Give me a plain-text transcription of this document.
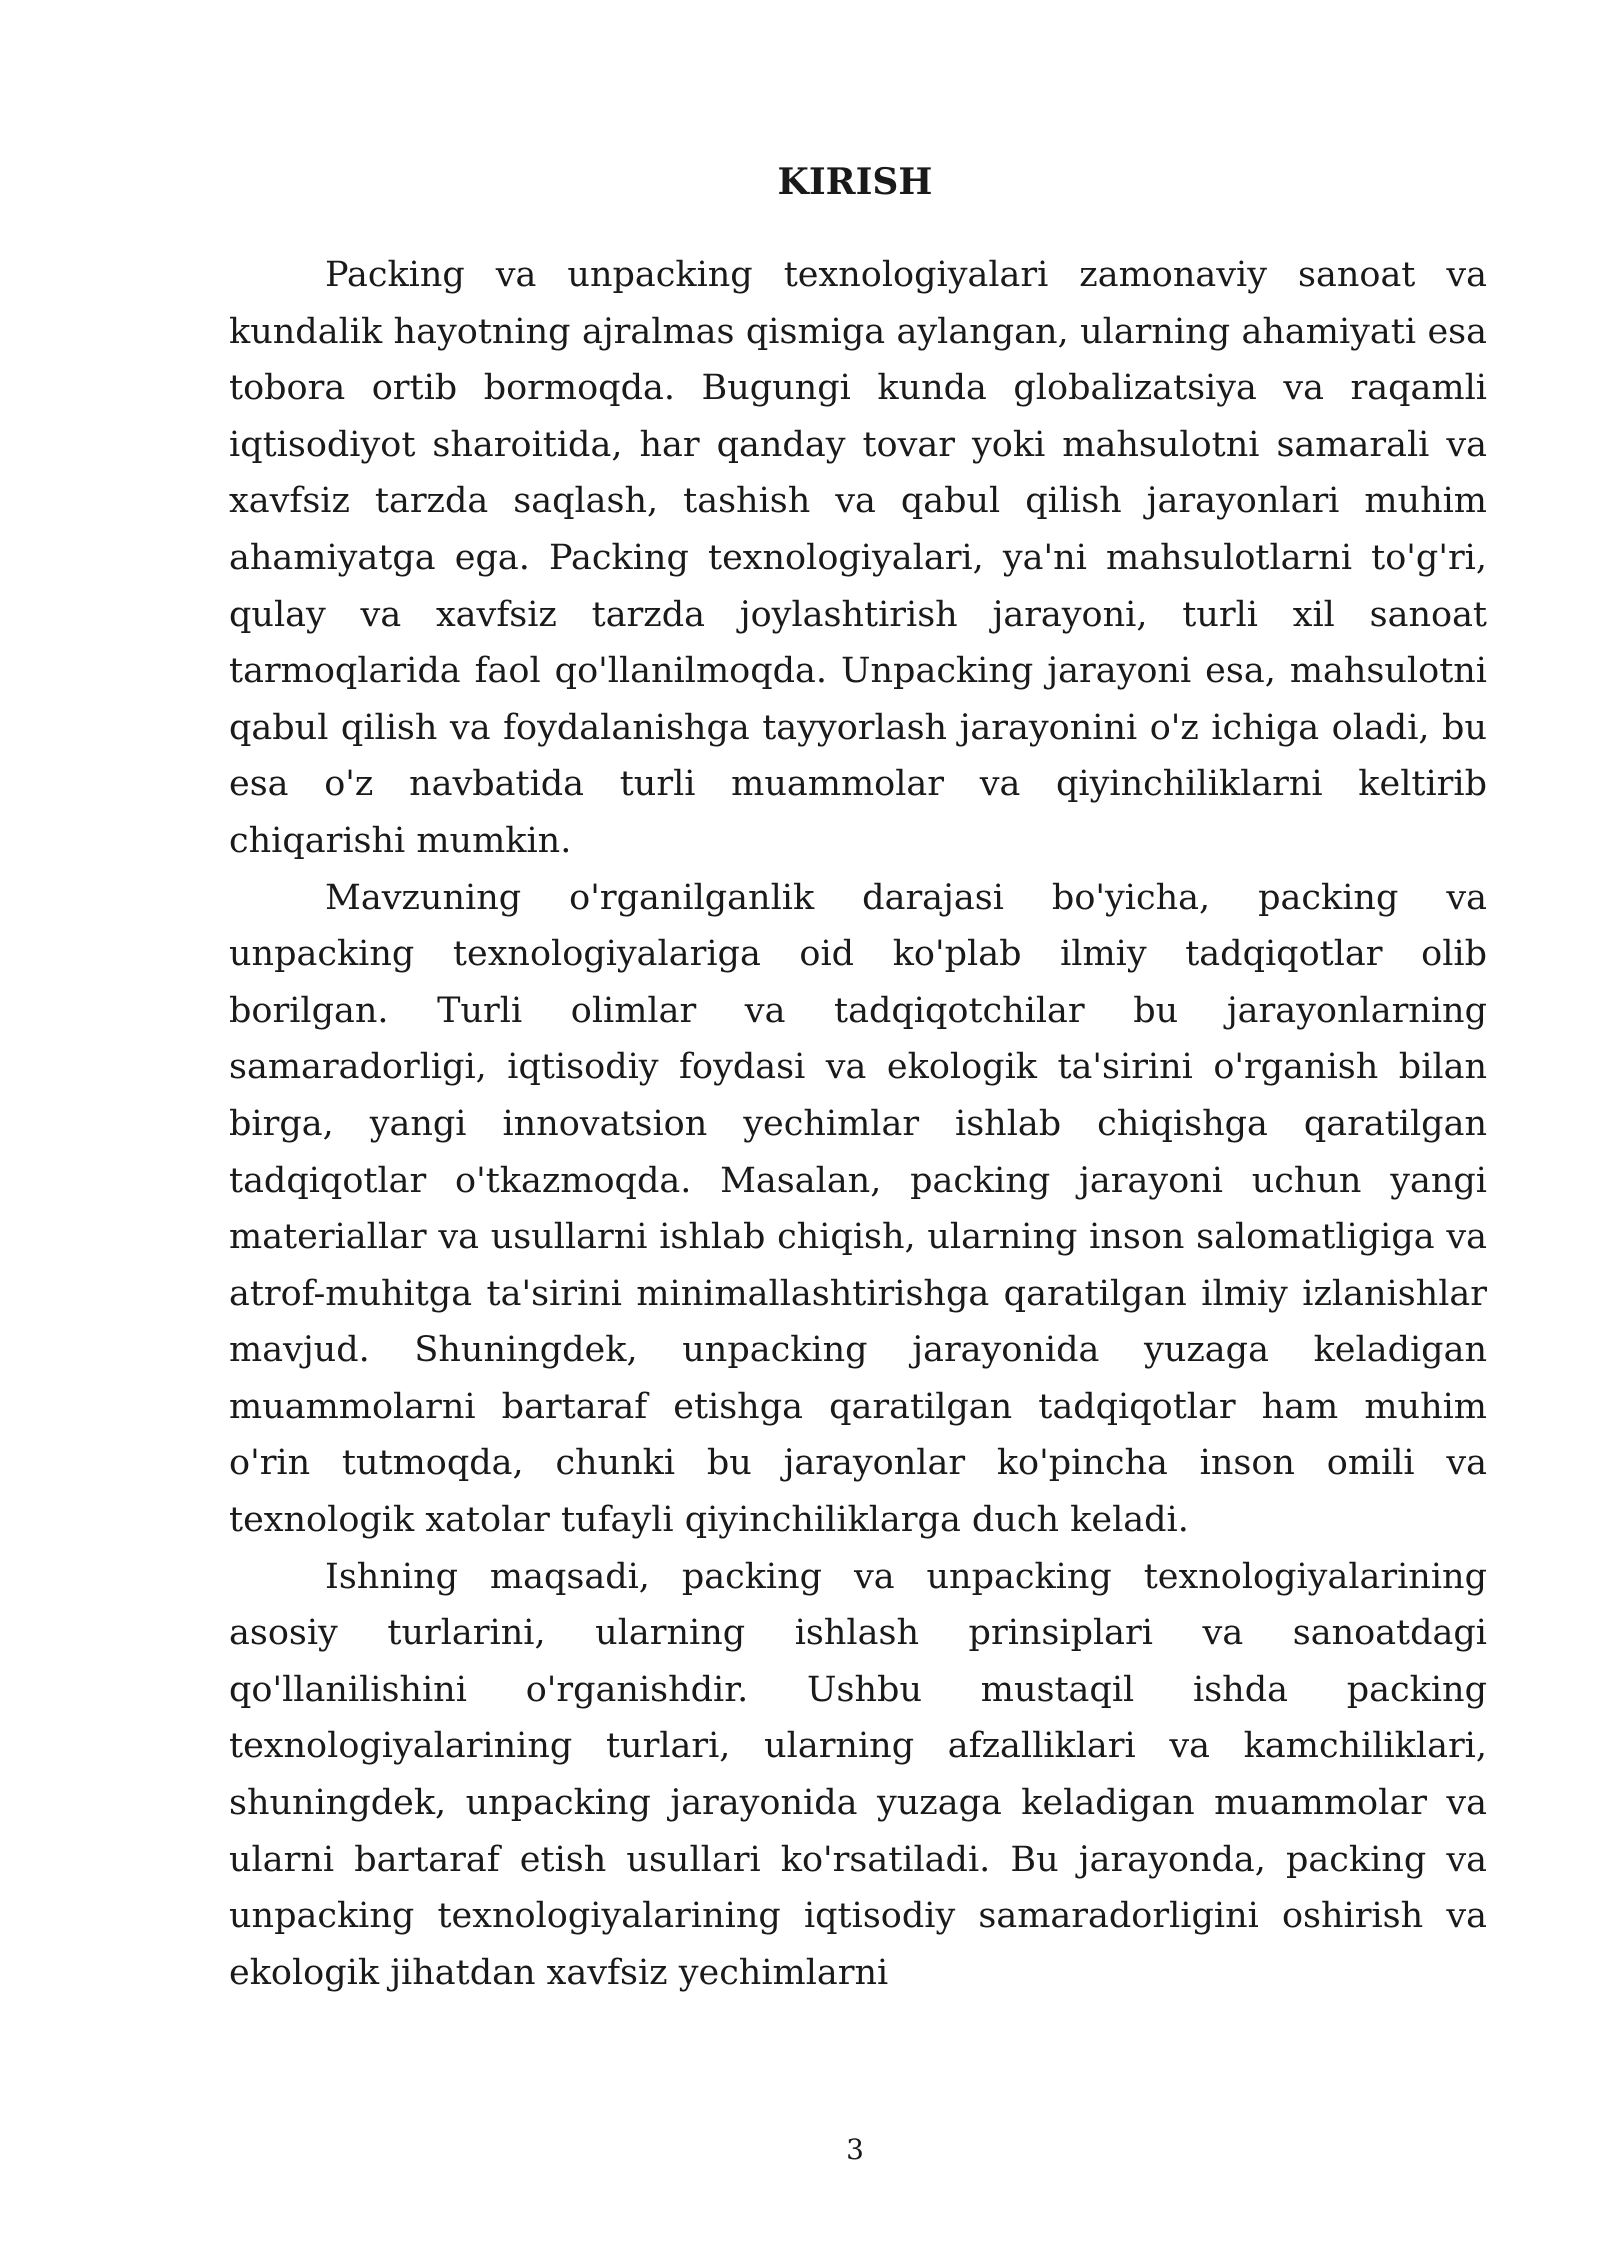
KIRISH

Packing va unpacking texnologiyalari zamonaviy sanoat va kundalik hayotning ajralmas qismiga aylangan, ularning ahamiyati esa tobora ortib bormoqda. Bugungi kunda globalizatsiya va raqamli iqtisodiyot sharoitida, har qanday tovar yoki mahsulotni samarali va xavfsiz tarzda saqlash, tashish va qabul qilish jarayonlari muhim ahamiyatga ega. Packing texnologiyalari, ya'ni mahsulotlarni to'g'ri, qulay va xavfsiz tarzda joylashtirish jarayoni, turli xil sanoat tarmoqlarida faol qo'llanilmoqda. Unpacking jarayoni esa, mahsulotni qabul qilish va foydalanishga tayyorlash jarayonini o'z ichiga oladi, bu esa o'z navbatida turli muammolar va qiyinchiliklarni keltirib chiqarishi mumkin.

Mavzuning o'rganilganlik darajasi bo'yicha, packing va unpacking texnologiyalariga oid ko'plab ilmiy tadqiqotlar olib borilgan. Turli olimlar va tadqiqotchilar bu jarayonlarning samaradorligi, iqtisodiy foydasi va ekologik ta'sirini o'rganish bilan birga, yangi innovatsion yechimlar ishlab chiqishga qaratilgan tadqiqotlar o'tkazmoqda. Masalan, packing jarayoni uchun yangi materiallar va usullarni ishlab chiqish, ularning inson salomatligiga va atrof-muhitga ta'sirini minimallashtirishga qaratilgan ilmiy izlanishlar mavjud. Shuningdek, unpacking jarayonida yuzaga keladigan muammolarni bartaraf etishga qaratilgan tadqiqotlar ham muhim o'rin tutmoqda, chunki bu jarayonlar ko'pincha inson omili va texnologik xatolar tufayli qiyinchiliklarga duch keladi.

Ishning maqsadi, packing va unpacking texnologiyalarining asosiy turlarini, ularning ishlash prinsiplari va sanoatdagi qo'llanilishini o'rganishdir. Ushbu mustaqil ishda packing texnologiyalarining turlari, ularning afzalliklari va kamchiliklari, shuningdek, unpacking jarayonida yuzaga keladigan muammolar va ularni bartaraf etish usullari ko'rsatiladi. Bu jarayonda, packing va unpacking texnologiyalarining iqtisodiy samaradorligini oshirish va ekologik jihatdan xavfsiz yechimlarni

3
